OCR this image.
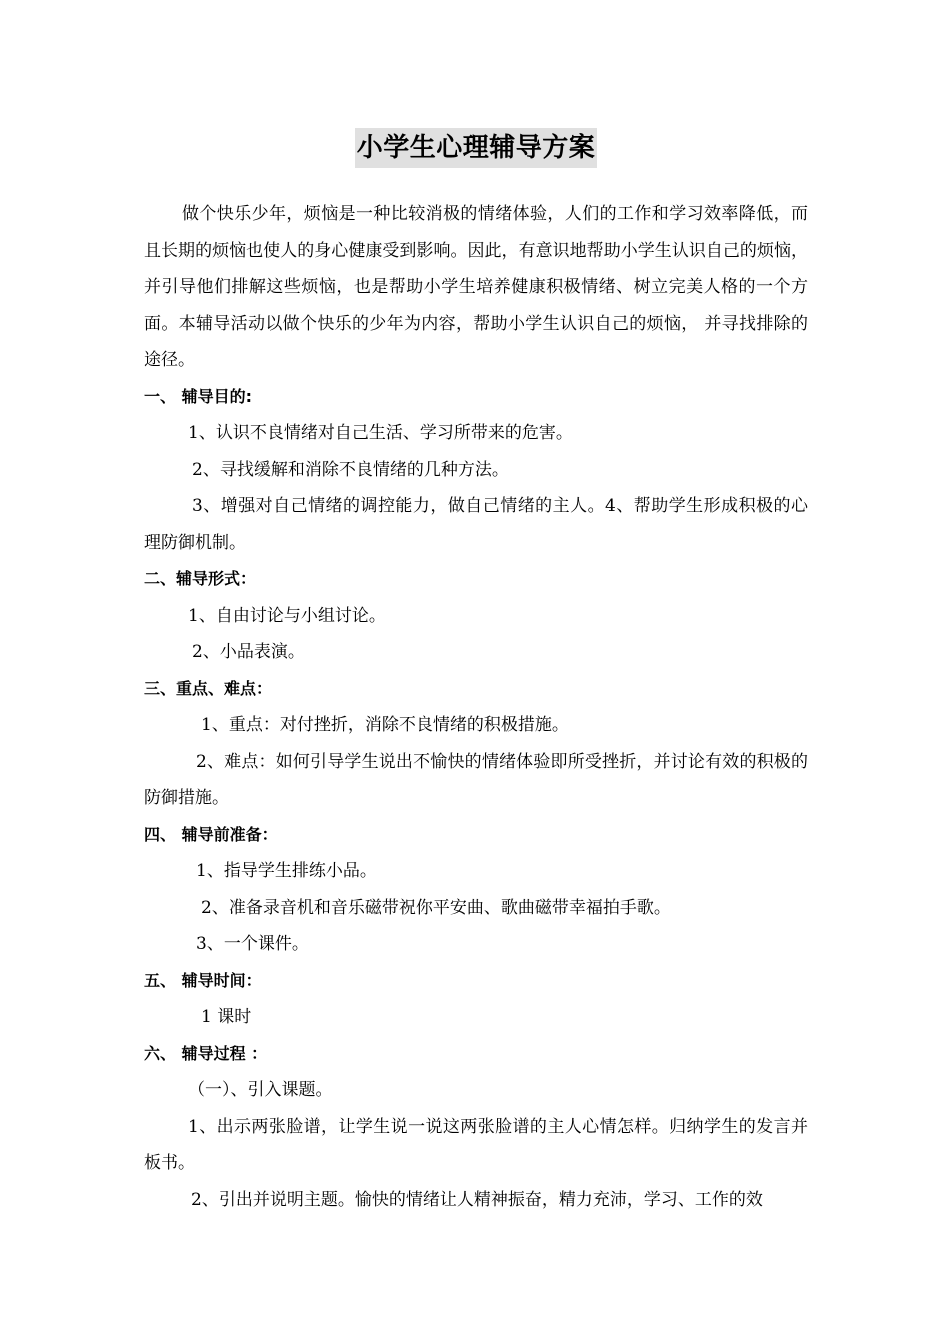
小学生心理辅导方案

做个快乐少年，烦恼是一种比较消极的情绪体验，人们的工作和学习效率降低，而且长期的烦恼也使人的身心健康受到影响。因此，有意识地帮助小学生认识自己的烦恼，并引导他们排解这些烦恼，也是帮助小学生培养健康积极情绪、树立完美人格的一个方面。本辅导活动以做个快乐的少年为内容，帮助小学生认识自己的烦恼， 并寻找排除的途径。

一、 辅导目的:

1、认识不良情绪对自己生活、学习所带来的危害。

2、寻找缓解和消除不良情绪的几种方法。

3、增强对自己情绪的调控能力，做自己情绪的主人。4、帮助学生形成积极的心理防御机制。

二、辅导形式：

1、自由讨论与小组讨论。

2、小品表演。

三、重点、难点：

1、重点：对付挫折，消除不良情绪的积极措施。

2、难点：如何引导学生说出不愉快的情绪体验即所受挫折，并讨论有效的积极的防御措施。

四、 辅导前准备：

1、指导学生排练小品。

2、准备录音机和音乐磁带祝你平安曲、歌曲磁带幸福拍手歌。

3、一个课件。

五、 辅导时间：

1 课时

六、 辅导过程 ：

（一）、引入课题。

1、出示两张脸谱，让学生说一说这两张脸谱的主人心情怎样。归纳学生的发言并板书。

2、引出并说明主题。愉快的情绪让人精神振奋，精力充沛，学习、工作的效
